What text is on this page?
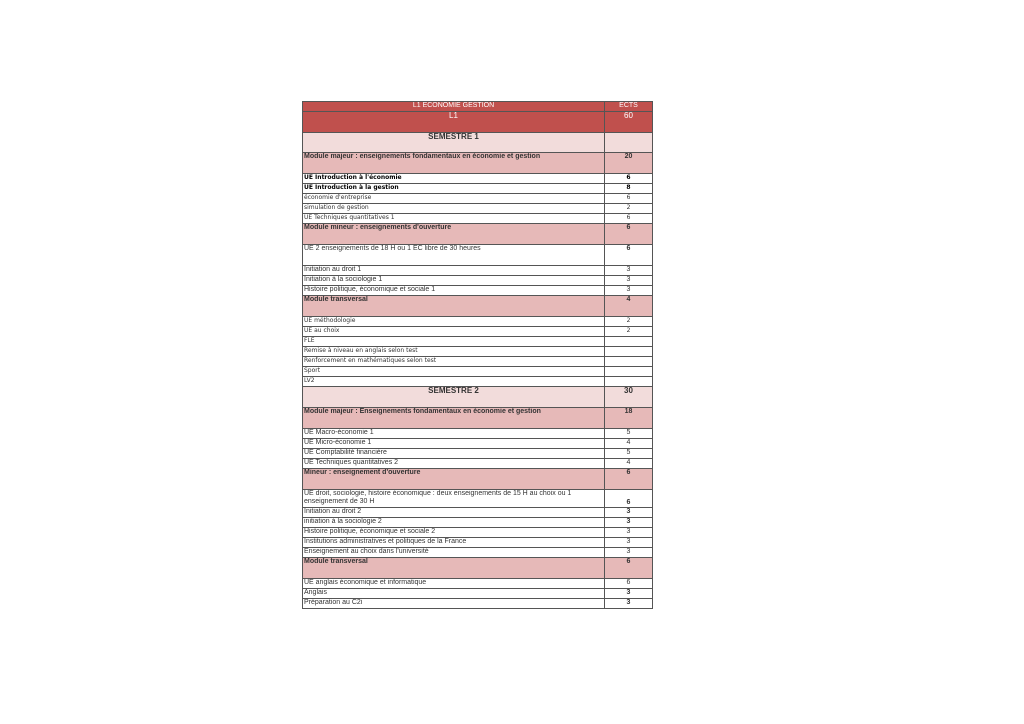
L1 ECONOMIE GESTION	ECTS
L1	60
SEMESTRE 1	
Module majeur : enseignements fondamentaux en économie et gestion	20
UE Introduction à l'économie	6
UE Introduction à la gestion	8
économie d'entreprise	6
simulation de gestion	2
UE Techniques quantitatives 1	6
Module mineur : enseignements d'ouverture	6
UE 2 enseignements de 18 H ou 1 EC libre de 30 heures	6
Initiation au droit 1	3
Initiation à la sociologie 1	3
Histoire politique, économique et sociale 1	3
Module transversal	4
UE méthodologie	2
UE au choix	2
FLE	
Remise à niveau en anglais selon test	
Renforcement en mathématiques selon test	
Sport	
LV2	
SEMESTRE 2	30
Module majeur : Enseignements fondamentaux en économie et gestion	18
UE Macro-économie 1	5
UE Micro-économie 1	4
UE Comptabilité financière	5
UE Techniques quantitatives 2	4
Mineur : enseignement d'ouverture	6
UE droit, sociologie, histoire économique : deux enseignements de 15 H au choix ou 1 enseignement de 30 H	6
Initiation au droit 2	3
initiation à la sociologie 2	3
Histoire politique, économique et sociale 2	3
Institutions administratives et politiques de la France	3
Enseignement au choix dans l'université	3
Module transversal	6
UE anglais économique et informatique	6
Anglais	3
Préparation au C2i	3
